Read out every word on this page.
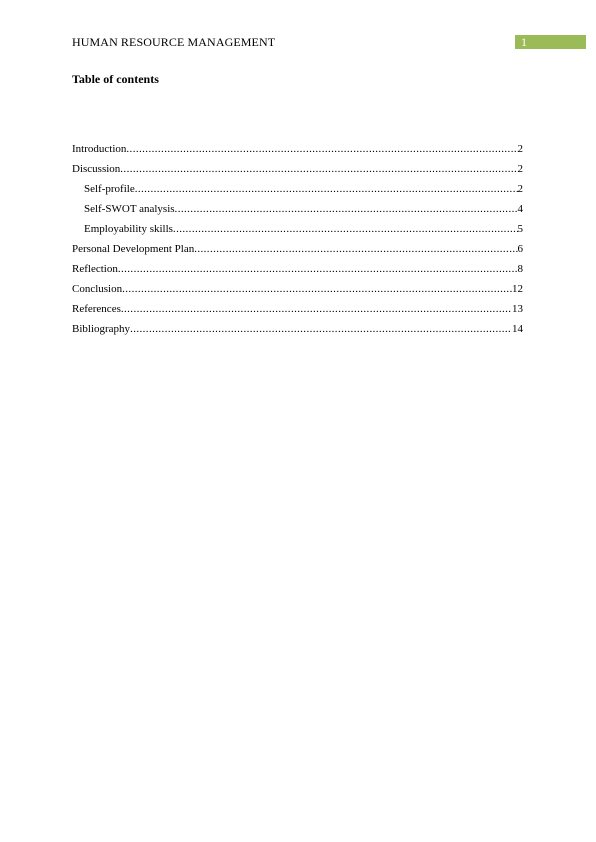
HUMAN RESOURCE MANAGEMENT	1
Table of contents
Introduction .....	2
Discussion .....	2
Self-profile .....	2
Self-SWOT analysis .....	4
Employability skills .....	5
Personal Development Plan .....	6
Reflection .....	8
Conclusion .....	12
References .....	13
Bibliography .....	14
